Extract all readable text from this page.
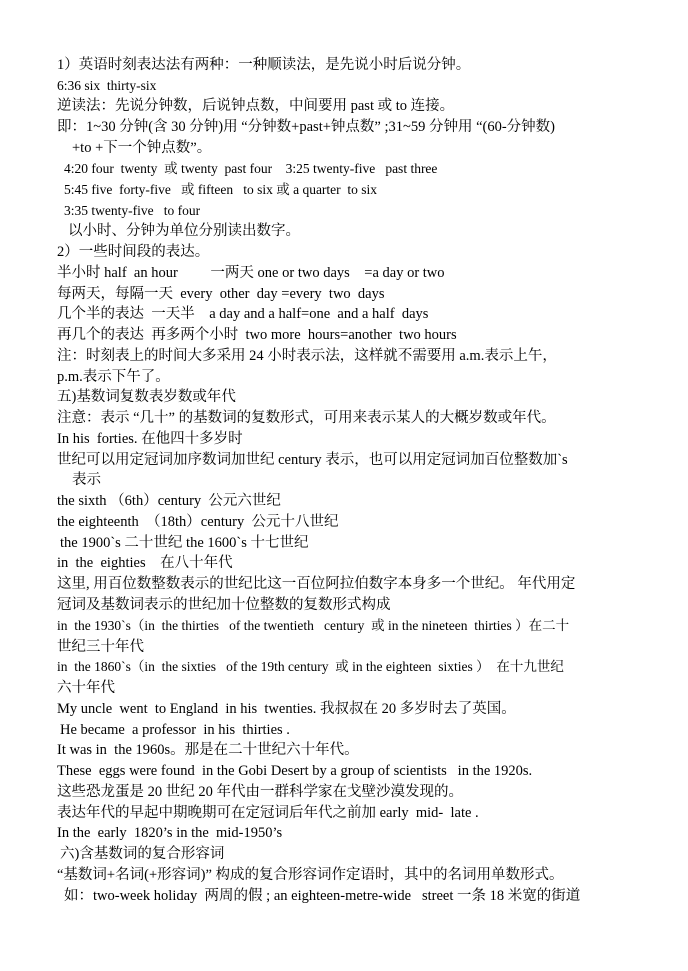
1）英语时刻表达法有两种：一种顺读法，是先说小时后说分钟。
6:36 six  thirty-six
逆读法：先说分钟数，后说钟点数，中间要用 past 或 to 连接。
即：1~30 分钟(含 30 分钟)用 “分钟数+past+钟点数” ;31~59 分钟用 “(60-分钟数)
+to +下一个钟点数”。
4:20 four  twenty  或 twenty  past four    3:25 twenty-five   past three
5:45 five  forty-five   或 fifteen   to six 或 a quarter  to six
3:35 twenty-five   to four
以小时、分钟为单位分别读出数字。
2）一些时间段的表达。
半小时 half  an hour         一两天 one or two days    =a day or two
每两天，每隔一天  every  other  day =every  two  days
几个半的表达  一天半    a day and a half=one  and a half  days
再几个的表达  再多两个小时  two more  hours=another  two hours
注：时刻表上的时间大多采用 24 小时表示法，这样就不需要用 a.m.表示上午，
p.m.表示下午了。
五)基数词复数表岁数或年代
注意：表示 “几十” 的基数词的复数形式，可用来表示某人的大概岁数或年代。
In his  forties. 在他四十多岁时
世纪可以用定冠词加序数词加世纪 century 表示，也可以用定冠词加百位整数加`s
表示
the sixth （6th）century  公元六世纪
the eighteenth  （18th）century  公元十八世纪
the 1900`s 二十世纪 the 1600`s 十七世纪
in  the  eighties    在八十年代
这里, 用百位数整数表示的世纪比这一百位阿拉伯数字本身多一个世纪。 年代用定
冠词及基数词表示的世纪加十位整数的复数形式构成
in  the 1930`s（in  the thirties   of the twentieth   century  或 in the nineteen  thirties ）在二十
世纪三十年代
in  the 1860`s（in  the sixties   of the 19th century  或 in the eighteen  sixties ）  在十九世纪
六十年代
My uncle  went  to England  in his  twenties. 我叔叔在 20 多岁时去了英国。
He became  a professor  in his  thirties .
It was in  the 1960s。那是在二十世纪六十年代。
These  eggs were found  in the Gobi Desert by a group of scientists   in the 1920s.
这些恐龙蛋是 20 世纪 20 年代由一群科学家在戈壁沙漠发现的。
表达年代的早起中期晚期可在定冠词后年代之前加 early  mid-  late .
In the  early  1820’s in the  mid-1950’s
六)含基数词的复合形容词
“基数词+名词(+形容词)” 构成的复合形容词作定语时，其中的名词用单数形式。
如：two-week holiday  两周的假 ; an eighteen-metre-wide   street 一条 18 米宽的街道
